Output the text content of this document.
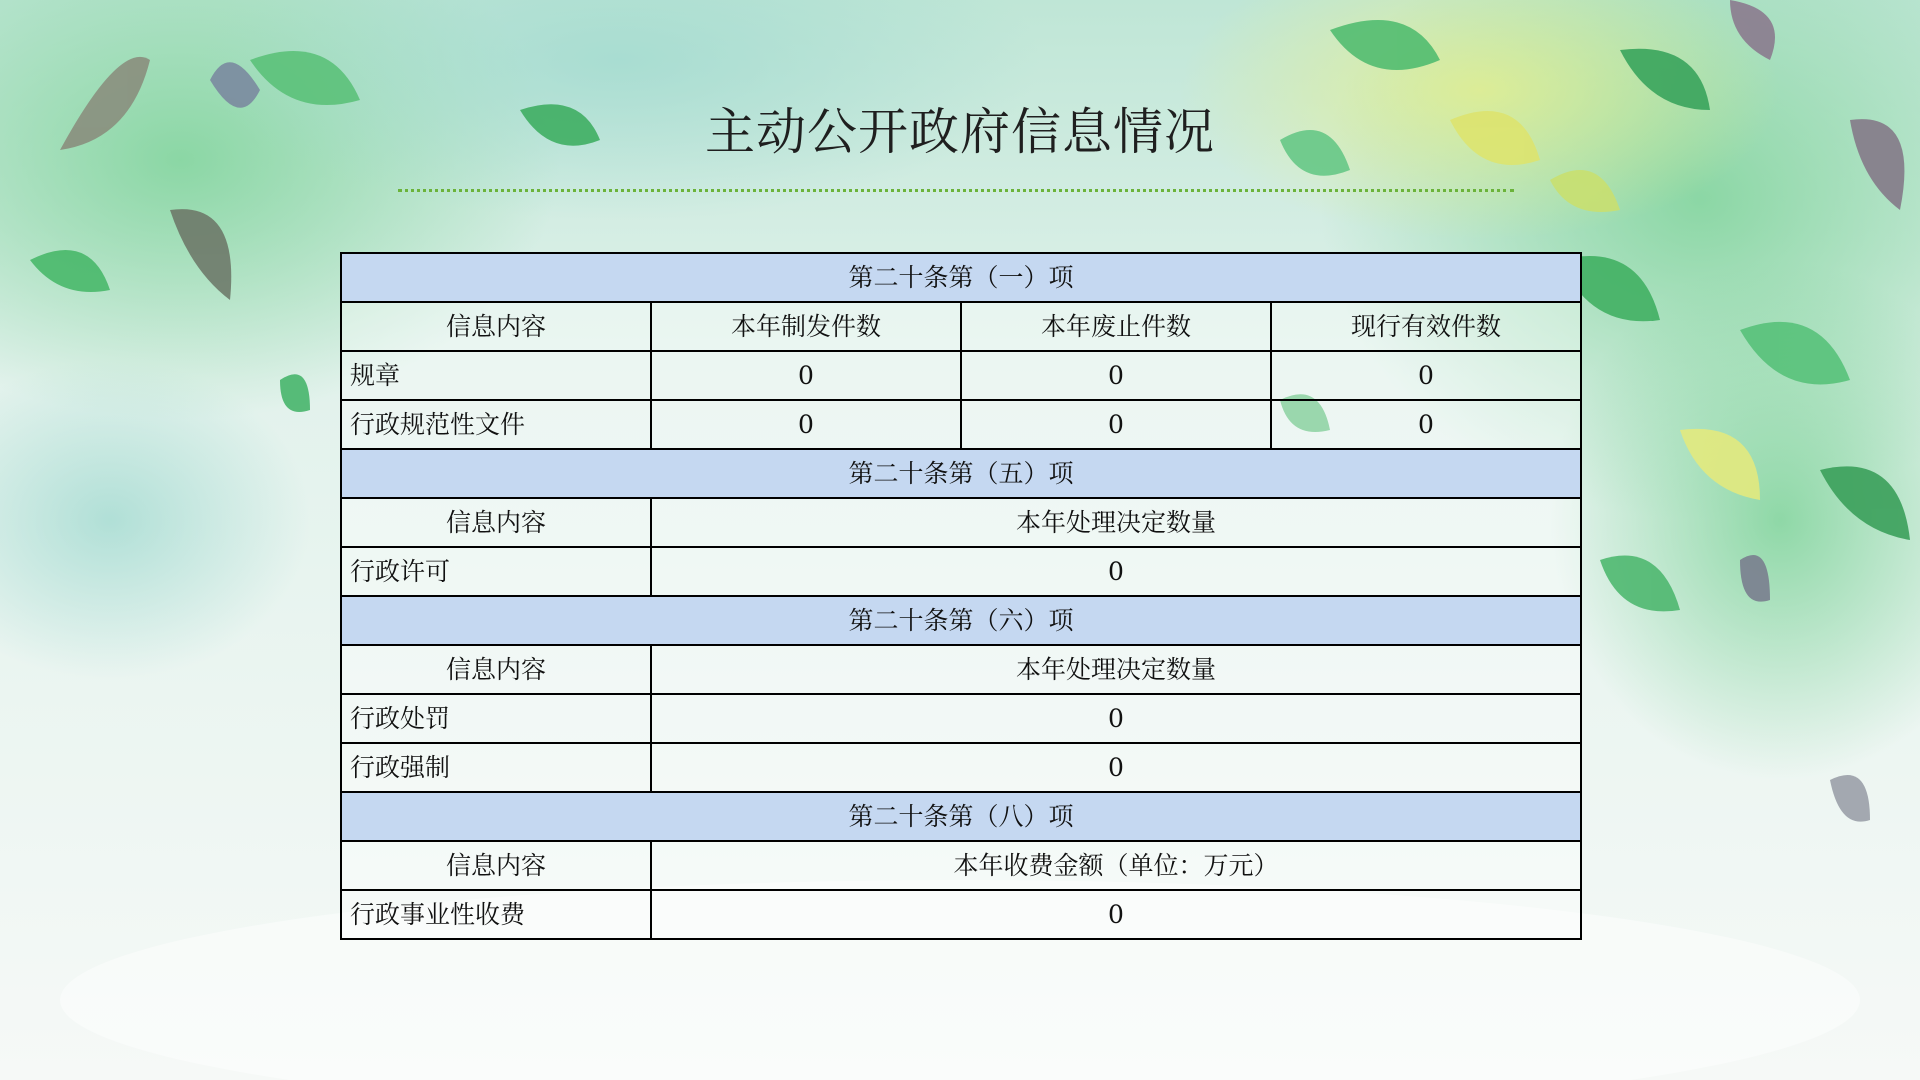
主动公开政府信息情况
第二十条第（一）项			
信息内容	本年制发件数	本年废止件数	现行有效件数
规章	0	0	0
行政规范性文件	0	0	0
第二十条第（五）项			
信息内容	本年处理决定数量		
行政许可	0		
第二十条第（六）项			
信息内容	本年处理决定数量		
行政处罚	0		
行政强制	0		
第二十条第（八）项			
信息内容	本年收费金额（单位：万元）		
行政事业性收费	0		
